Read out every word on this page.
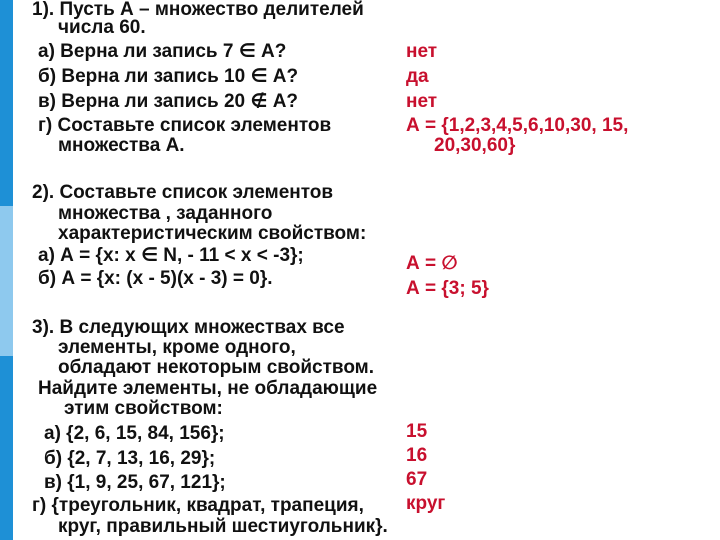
1). Пусть А – множество делителей
числа 60.
а) Верна ли запись 7 ∈ А?
б) Верна ли запись 10 ∈ А?
в) Верна ли запись 20 ∉ А?
г) Составьте список элементов
множества А.
нет
да
нет
А = {1,2,3,4,5,6,10,30, 15,
20,30,60}
2). Составьте список элементов
множества , заданного
характеристическим свойством:
а) А = {х: х ∈ N, - 11 < х < -3};
б) А = {х: (х - 5)(х - 3) = 0}.
А = ∅
А = {3; 5}
3). В следующих множествах все
элементы, кроме одного,
обладают некоторым свойством.
Найдите элементы, не обладающие
этим свойством:
а) {2, 6, 15, 84, 156};
б) {2, 7, 13, 16, 29};
в) {1, 9, 25, 67, 121};
г) {треугольник, квадрат, трапеция,
круг, правильный шестиугольник}.
15
16
67
круг
